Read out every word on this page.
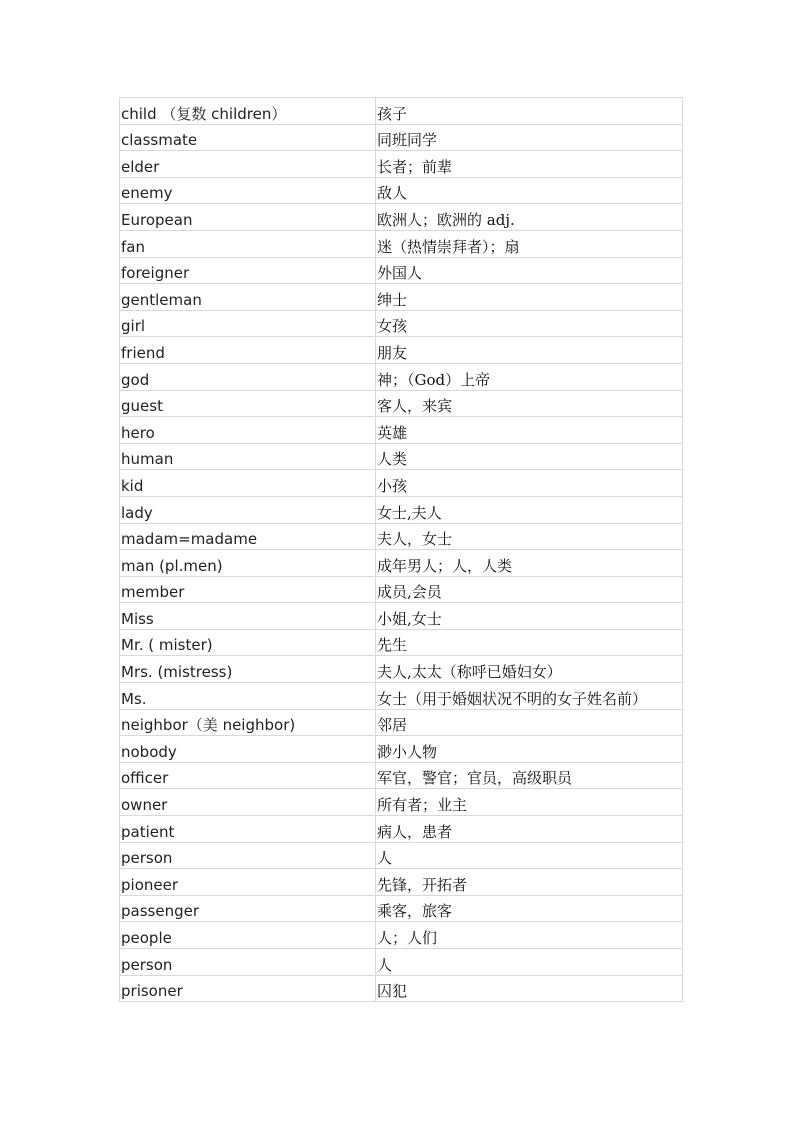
child （复数 children）	孩子
classmate	同班同学
elder	长者；前辈
enemy	敌人
European	欧洲人；欧洲的 adj.
fan	迷（热情崇拜者）；扇
foreigner	外国人
gentleman	绅士
girl	女孩
friend	朋友
god	神；（God）上帝
guest	客人，来宾
hero	英雄
human	人类
kid	小孩
lady	女士,夫人
madam=madame	夫人，女士
man (pl.men)	成年男人；人，人类
member	成员,会员
Miss	小姐,女士
Mr. ( mister)	先生
Mrs. (mistress)	夫人,太太（称呼已婚妇女）
Ms.	女士（用于婚姻状况不明的女子姓名前）
neighbor（美 neighbor)	邻居
nobody	渺小人物
officer	军官，警官；官员，高级职员
owner	所有者；业主
patient	病人，患者
person	人
pioneer	先锋，开拓者
passenger	乘客，旅客
people	人；人们
person	人
prisoner	囚犯
